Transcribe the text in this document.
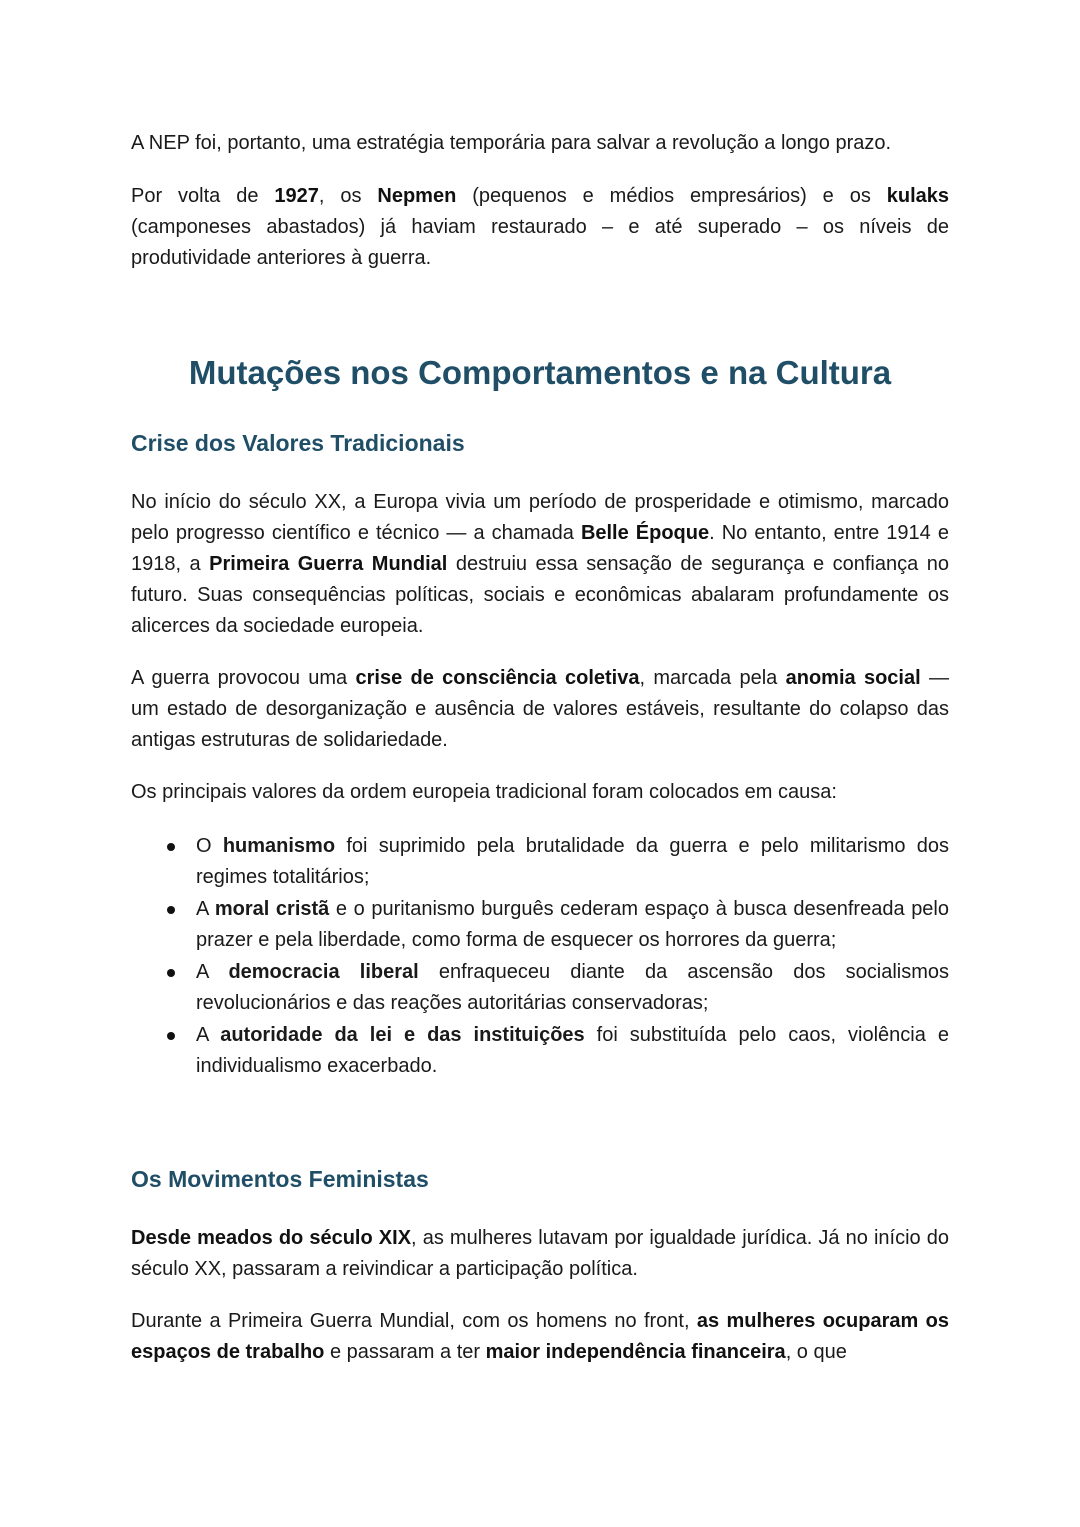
A NEP foi, portanto, uma estratégia temporária para salvar a revolução a longo prazo.

Por volta de 1927, os Nepmen (pequenos e médios empresários) e os kulaks (camponeses abastados) já haviam restaurado – e até superado – os níveis de produtividade anteriores à guerra.

Mutações nos Comportamentos e na Cultura
Crise dos Valores Tradicionais

No início do século XX, a Europa vivia um período de prosperidade e otimismo, marcado pelo progresso científico e técnico — a chamada Belle Époque. No entanto, entre 1914 e 1918, a Primeira Guerra Mundial destruiu essa sensação de segurança e confiança no futuro. Suas consequências políticas, sociais e econômicas abalaram profundamente os alicerces da sociedade europeia.

A guerra provocou uma crise de consciência coletiva, marcada pela anomia social — um estado de desorganização e ausência de valores estáveis, resultante do colapso das antigas estruturas de solidariedade.

Os principais valores da ordem europeia tradicional foram colocados em causa:

O humanismo foi suprimido pela brutalidade da guerra e pelo militarismo dos regimes totalitários;
A moral cristã e o puritanismo burguês cederam espaço à busca desenfreada pelo prazer e pela liberdade, como forma de esquecer os horrores da guerra;
A democracia liberal enfraqueceu diante da ascensão dos socialismos revolucionários e das reações autoritárias conservadoras;
A autoridade da lei e das instituições foi substituída pelo caos, violência e individualismo exacerbado.
Os Movimentos Feministas

Desde meados do século XIX, as mulheres lutavam por igualdade jurídica. Já no início do século XX, passaram a reivindicar a participação política.

Durante a Primeira Guerra Mundial, com os homens no front, as mulheres ocuparam os espaços de trabalho e passaram a ter maior independência financeira, o que
